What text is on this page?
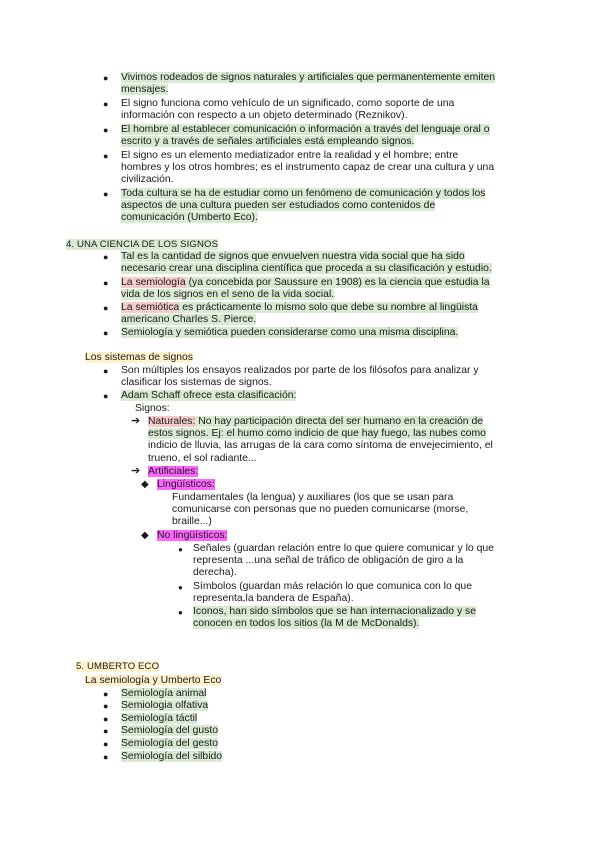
●	Vivimos rodeados de signos naturales y artificiales que permanentemente emiten
mensajes.
●	El signo funciona como vehículo de un significado, como soporte de una
información con respecto a un objeto determinado (Reznikov).
●	El hombre al establecer comunicación o información a través del lenguaje oral o
escrito y a través de señales artificiales está empleando signos.
●	El signo es un elemento mediatizador entre la realidad y el hombre; entre
hombres y los otros hombres; es el instrumento capaz de crear una cultura y una
civilización.
●	Toda cultura se ha de estudiar como un fenómeno de comunicación y todos los
aspectos de una cultura pueden ser estudiados como contenidos de
comunicación (Umberto Eco).
4. UNA CIENCIA DE LOS SIGNOS
●	Tal es la cantidad de signos que envuelven nuestra vida social que ha sido
necesario crear una disciplina científica que proceda a su clasificación y estudio.
●	La semiología (ya concebida por Saussure en 1908) es la ciencia que estudia la
vida de los signos en el seno de la vida social.
●	La semiótica es prácticamente lo mismo solo que debe su nombre al lingüista
americano Charles S. Pierce.
●	Semiología y semiótica pueden considerarse como una misma disciplina.
Los sistemas de signos
●	Son múltiples los ensayos realizados por parte de los filósofos para analizar y
clasificar los sistemas de signos.
●	Adam Schaff ofrece esta clasificación:
Signos:
➔ Naturales: No hay participación directa del ser humano en la creación de
estos signos. Ej: el humo como indicio de que hay fuego, las nubes como
indicio de lluvia, las arrugas de la cara como síntoma de envejecimiento, el
trueno, el sol radiante...
➔ Artificiales:
◆ Lingüísticos:
Fundamentales (la lengua) y auxiliares (los que se usan para
comunicarse con personas que no pueden comunicarse (morse,
braille...)
◆ No lingüísticos:
● Señales (guardan relación entre lo que quiere comunicar y lo que
representa ...una señal de tráfico de obligación de giro a la
derecha).
● Símbolos (guardan más relación lo que comunica con lo que
representa,la bandera de España).
● Iconos, han sido símbolos que se han internacionalizado y se
conocen en todos los sitios (la M de McDonalds).
5. UMBERTO ECO
La semiología y Umberto Eco
●	Semiología animal
●	Semiologia olfativa
●	Semiología táctil
●	Semiología del gusto
●	Semiología del gesto
●	Semiología del silbido
